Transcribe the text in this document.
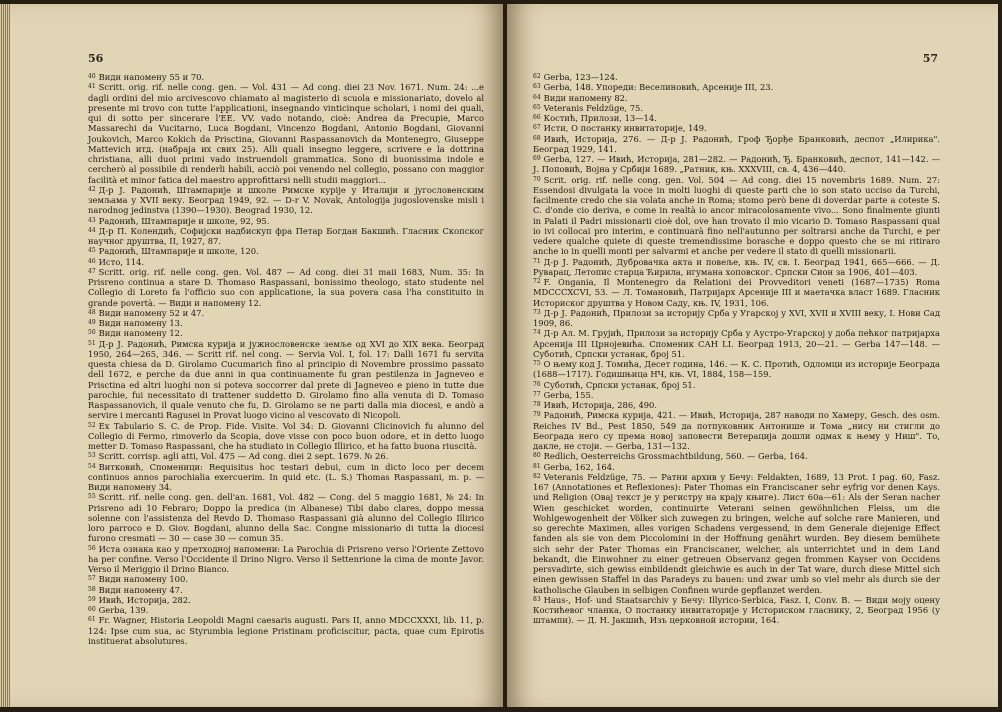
56

$^{40}$ Види напомену 55 и 70.

$^{41}$ Scritt. orig. rif. nelle cong. gen. — Vol. 431 — Ad cong. diei 23 Nov. 1671. Num. 24: ...e dagli ordini del mio arcivescovo chiamato al magisterio di scuola e missionariato, dovelo al presente mi trovo con tutte l'applicationi, insegnando vinticinque scholari, i nomi dei quali, qui di sotto per sincerare l'EE. VV. vado notando, cioè: Andrea da Precupie, Marco Massarechi da Vucitarno, Luca Bogdani, Vincenzo Bogdani, Antonio Bogdani, Giovanni Joukovich, Marco Kokich da Prisctina, Giovanni Raspassanovich da Montenegro, Giuseppe Mattevich итд. (набраја их свих 25). Alli quali insegno leggere, scrivere e la dottrina christiana, alli duoi primi vado instruendoli grammatica. Sono di buonissima indole e cercherò al possibile di renderli habili, acciò poi venendo nel collegio, possano con maggior facilità et minor fatica del maestro approfittarsi nelli studii maggiori...

$^{42}$ Д-р Ј. Радонић, Штампарије и школе Римске куріје у Италији и југословенским земљама у XVII веку. Београд 1949, 92. — D-r V. Novak, Antologija jugoslovenske misli i narodnog jedinstva (1390—1930). Beograd 1930, 12.

$^{43}$ Радонић, Штампарије и школе, 92, 95.

$^{44}$ Д-р П. Колендић, Софијски надбискуп фра Петар Богдан Бакшић. Гласник Скопског научног друштва, II, 1927, 87.

$^{45}$ Радонић, Штампарије и школе, 120.

$^{46}$ Исто, 114.

$^{47}$ Scritt. orig. rif. nelle cong. gen. Vol. 487 — Ad cong. diei 31 maii 1683, Num. 35: In Prisreno continua a stare D. Thomaso Raspassani, bonissimo theologo, stato studente nel Collegio di Loreto fa l'officio suo con applicatione, la sua povera casa l'ha constituito in grande povertà. — Види и напомену 12.

$^{48}$ Види напомену 52 и 47.

$^{49}$ Види напомену 13.

$^{50}$ Види напомену 12.

$^{51}$ Д-р Ј. Радонић, Римска курија и јужнословенске земље од XVI до XIX века. Београд 1950, 264—265, 346. — Scritt rif. nel cong. — Servia Vol. I, fol. 17: Dalli 1671 fu servita questa chiesa da D. Girolamo Cucumarich fino al principio di Novembre prossimo passato dell 1672, e perche da due anni in qua continuamente fu gran pestilenza in Jagneveo e Prisctina ed altri luoghi non si poteva soccorrer dal prete di Jagneveo e pieno in tutte due parochie, fui necessitato di trattener suddetto D. Girolamo fino alla venuta di D. Tomaso Raspassanovich, il quale venuto che fu, D. Girolamo se ne parti dalla mia diocesi, e andò a servire i mercanti Ragusei in Provat luogo vicino al vescovato di Nicopoli.

$^{52}$ Ex Tabulario S. C. de Prop. Fide. Visite. Vol 34: D. Giovanni Clicinovich fu alunno del Collegio di Fermo, rimoverlo da Scopia, dove visse con poco buon odore, et in detto luogo metter D. Tomaso Raspassani, che ha studiato in Collegio Illirico, et ha fatto buona riuscità.

$^{53}$ Scritt. corrisp. agli atti, Vol. 475 — Ad cong. diei 2 sept. 1679. № 26.

$^{54}$ Витковић, Споменици: Requisitus hoc testari debui, cum in dicto loco per decem continuos annos parochialia exercuerim. In quid etc. (L. S.) Thomas Raspassani, m. p. — Види напомену 34.

$^{55}$ Scritt. rif. nelle cong. gen. dell'an. 1681, Vol. 482 — Cong. del 5 maggio 1681, № 24: In Prisreno adi 10 Febraro; Doppo la predica (in Albanese) Tibi dabo clares, doppo messa solenne con l'assistenza del Revdo D. Thomaso Raspassani già alunno del Collegio Illirico loro parroco e D. Giov. Bogdani, alunno della Sac. Congne missionario di tutta la diocesi furono cresmati — 30 — case 30 — comun 35.

$^{56}$ Иста ознака као у претходној напомени: La Parochia di Prisreno verso l'Oriente Zettovo ha per confine. Verso l'Occidente il Drino Nigro. Verso il Settenrione la cima de monte Javor. Verso il Meriggio il Drino Bianco.

$^{57}$ Види напомену 100.

$^{58}$ Види напомену 47.

$^{59}$ Ивић, Историја, 282.

$^{60}$ Gerba, 139.

$^{61}$ Fr. Wagner, Historia Leopoldi Magni caesaris augusti. Pars II, anno MDCCXXXI, lib. 11, p. 124: Ipse cum sua, ac Styrumbia legione Pristinam proficiscitur, pacta, quae cum Epirotis instituerat absolutures.

57

$^{62}$ Gerba, 123—124.

$^{63}$ Gerba, 148. Упореди: Веселиновић, Арсеније III, 23.

$^{64}$ Види напомену 82.

$^{65}$ Veteranis Feldzüge, 75.

$^{66}$ Костић, Прилози, 13—14.

$^{67}$ Исти, О постанку инвитаторије, 149.

$^{68}$ Ивић, Историја, 276. — Д-р Ј. Радонић, Гроф Ђорђе Бранковић, деспот „Илирика". Београд 1929, 141.

$^{69}$ Gerba, 127. — Ивић, Историја, 281—282. — Радонић, Ђ. Бранковић, деспот, 141—142. — Ј. Поповић, Војна у Србији 1689. „Ратник, књ. XXXVIII, св. 4, 436—440.

$^{70}$ Scrit. orig. rif. nelle cong. gen. Vol. 504 — Ad cong. diei 15 novembris 1689. Num. 27: Essendosi divulgata la voce in molti luoghi di queste parti che io son stato ucciso da Turchi, facilmente credo che sia volata anche in Roma; stomo però bene di doverdar parte a coteste S. C. d'onde cio deriva, e come in realtà io ancor miracolosamente vivo... Sono finalmente giunti in Palati il Padri missionarii cioè dol, ove han trovato il mio vicario D. Tomaso Raspassani qual io ivi collocai pro interim, e continuarà fino nell'autunno per soltrarsi anche da Turchi, e per vedere qualche quiete di queste tremendissime borasche e doppo questo che se mi ritiraro anche io in quelli monti per salvarmi et anche per vedere il stato di quelli missionarii.

$^{71}$ Д-р Ј. Радонић, Дубровачка акта и повеље, књ. IV, св. I. Београд 1941, 665—666. — Д. Руварац, Летопис старца Ћирила, игумана хоповског. Српски Сион за 1906, 401—403.

$^{72}$ F. Ongania, Il Montenegro da Relationi dei Provveditori veneti (1687—1735) Roma MDCCCXCVI, 53. — Л. Томановић, Патријарх Арсеније III и маетачка власт 1689. Гласник Историског друштва у Новом Саду, књ. IV, 1931, 106.

$^{73}$ Д-р Ј. Радонић, Прилози за историју Срба у Угарској у XVI, XVII и XVIII веку, I. Нови Сад 1909, 86.

$^{74}$ Д-р Ал. М. Грујић, Прилози за историју Срба у Аустро-Угарској у доба пећког патријарха Арсенија III Црнојевића. Споменик САН LI. Београд 1913, 20—21. — Gerba 147—148. — Суботић, Српски устанак, број 51.

$^{75}$ О њему код Ј. Томића, Десет година, 146. — К. С. Протић, Одломци из историје Београда (1688—1717). Годишњица НЧ, књ. VI, 1884, 158—159.

$^{76}$ Суботић, Српски устанак, број 51.

$^{77}$ Gerba, 155.

$^{78}$ Ивић, Историја, 286, 490.

$^{79}$ Радонић, Римска курија, 421. — Ивић, Историја, 287 наводи по Хамеру, Gesch. des osm. Reiches IV Bd., Pest 1850, 549 да потпуковник Антонише и Тома „нису ни стигли до Београда него су према новој заповести Ветерација дошли одмах к њему у Ниш". То, дакле, не стоји. — Gerba, 131—132.

$^{80}$ Redlich, Oesterreichs Grossmachtbildung, 560. — Gerba, 164.

$^{81}$ Gerba, 162, 164.

$^{82}$ Veteranis Feldzüge, 75. — Ратни архив у Бечу: Feldakten, 1689, 13 Prot. I pag. 60, Fasz. 167 (Annotationes et Reflexiones): Pater Thomas ein Franciscaner sehr eyfrig vor denen Kays. und Religion (Овај текст је у регистру на крају књиге). Лист 60a—61: Als der Seran nacher Wien geschicket worden, continuirte Veterani seinen gewöhnlichen Fleiss, um die Wohlgewogenheit der Völker sich zuwegen zu bringen, welche auf solche rare Manieren, und so gerechte Maximen, alles vorigen Schadens vergessend, in dem Generale diejenige Effect fanden als sie von dem Piccolomini in der Hoffnung genährt wurden. Bey diesem bemühete sich sehr der Pater Thomas ein Franciscaner, welcher, als unterrichtet und in dem Land bekandt, die Einwohner zu einer getreuen Observanz gegen frommen Kayser von Occidens persvadirte, sich gewiss einbildendt gleichwie es auch in der Tat ware, durch diese Mittel sich einen gewissen Staffel in das Paradeys zu bauen: und zwar umb so viel mehr als durch sie der katholische Glauben in selbigen Confinen wurde gepflanzet werden.

$^{83}$ Haus-, Hof- und Staatsarchiv у Бечу: Illyrico-Serbica, Fasz. I, Conv. B. — Види моју оцену Костићевог чланка, О постанку инвитаторије у Историском гласнику, 2, Београд 1956 (у штампи). — Д. Н. Јакшић, Изъ церковной истории, 164.
